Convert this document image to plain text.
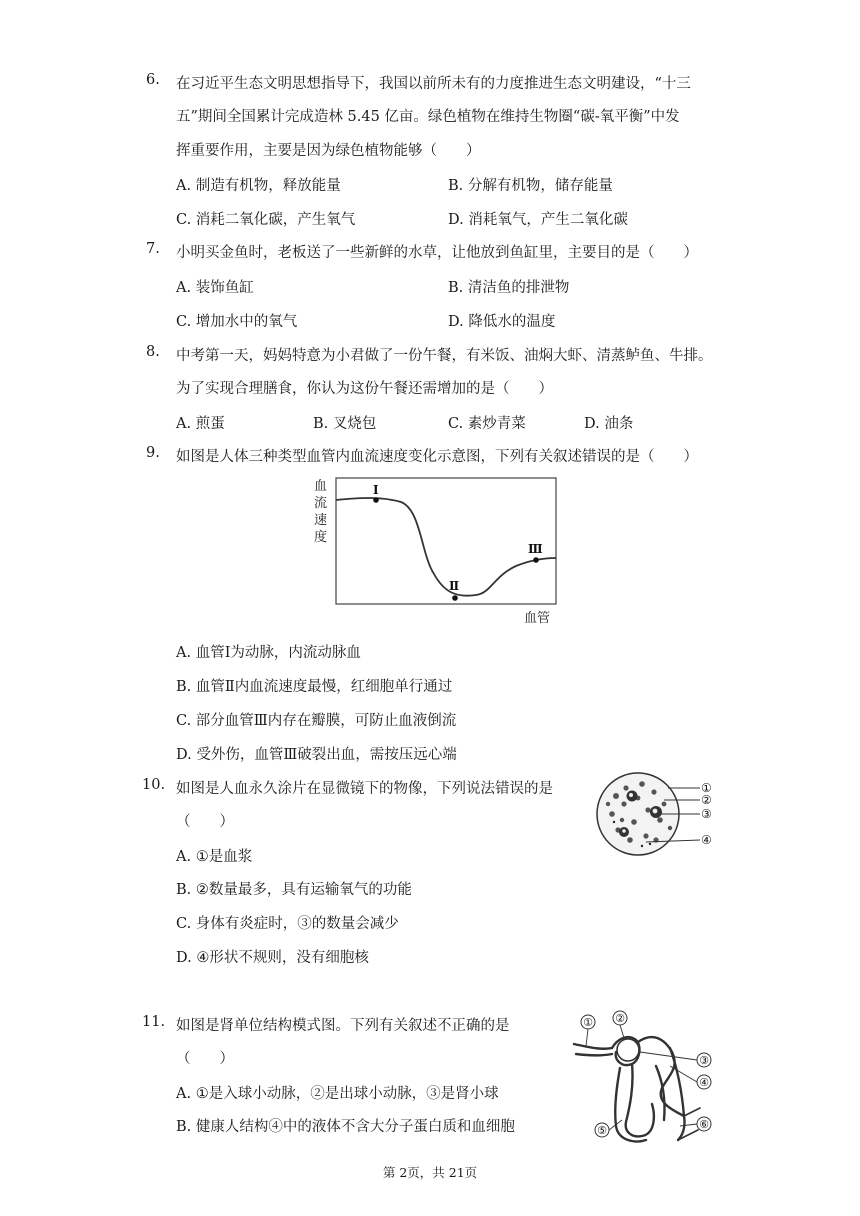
6. 在习近平生态文明思想指导下，我国以前所未有的力度推进生态文明建设，“十三
五”期间全国累计完成造林 5.45 亿亩。绿色植物在维持生物圈“碳-氧平衡”中发
挥重要作用，主要是因为绿色植物能够（　　）
A. 制造有机物，释放能量	B. 分解有机物，储存能量
C. 消耗二氧化碳，产生氧气	D. 消耗氧气，产生二氧化碳
7. 小明买金鱼时，老板送了一些新鲜的水草，让他放到鱼缸里，主要目的是（　　）
A. 装饰鱼缸	B. 清洁鱼的排泄物
C. 增加水中的氧气	D. 降低水的温度
8. 中考第一天，妈妈特意为小君做了一份午餐，有米饭、油焖大虾、清蒸鲈鱼、牛排。
为了实现合理膳食，你认为这份午餐还需增加的是（　　）
A. 煎蛋	B. 叉烧包	C. 素炒青菜	D. 油条
9. 如图是人体三种类型血管内血流速度变化示意图，下列有关叙述错误的是（　　）
A. 血管Ⅰ为动脉，内流动脉血
B. 血管Ⅱ内血流速度最慢，红细胞单行通过
C. 部分血管Ⅲ内存在瓣膜，可防止血液倒流
D. 受外伤，血管Ⅲ破裂出血，需按压远心端
血
流
速
度
血管
Ⅰ
Ⅱ
Ⅲ
10. 如图是人血永久涂片在显微镜下的物像，下列说法错误的是
（　　）
A. ①是血浆
B. ②数量最多，具有运输氧气的功能
C. 身体有炎症时，③的数量会减少
D. ④形状不规则，没有细胞核
①
②
③
④
11. 如图是肾单位结构模式图。下列有关叙述不正确的是
（　　）
A. ①是入球小动脉，②是出球小动脉，③是肾小球
B. 健康人结构④中的液体不含大分子蛋白质和血细胞
① ②
③
④
⑤	⑥
第 2页，共 21页
